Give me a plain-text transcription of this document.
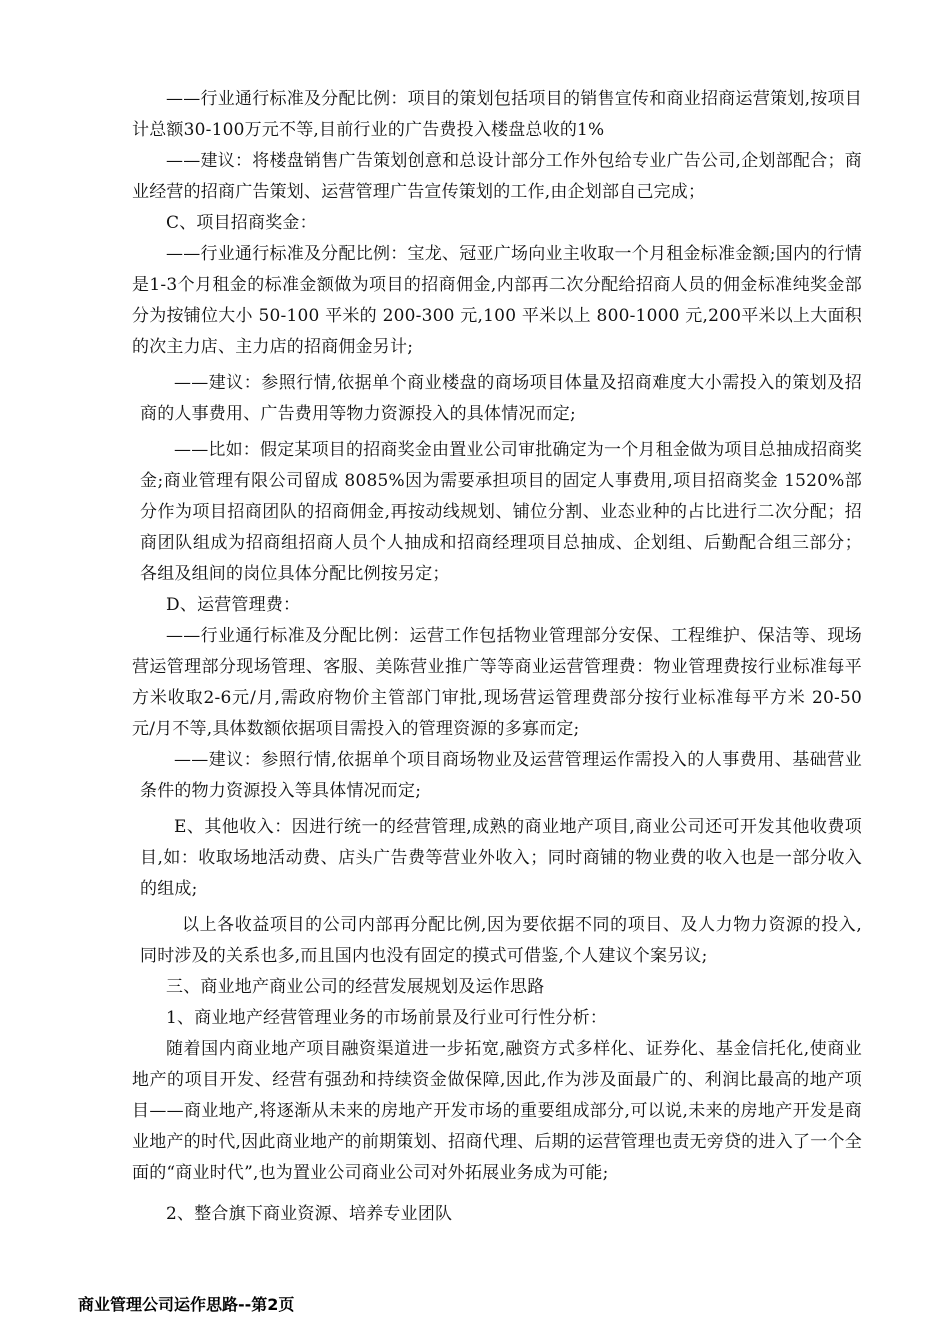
——行业通行标准及分配比例：项目的策划包括项目的销售宣传和商业招商运营策划,按项目计总额30-100万元不等,目前行业的广告费投入楼盘总收的1%

——建议：将楼盘销售广告策划创意和总设计部分工作外包给专业广告公司,企划部配合；商业经营的招商广告策划、运营管理广告宣传策划的工作,由企划部自己完成；

C、项目招商奖金：

——行业通行标准及分配比例：宝龙、冠亚广场向业主收取一个月租金标准金额;国内的行情是1-3个月租金的标准金额做为项目的招商佣金,内部再二次分配给招商人员的佣金标准纯奖金部分为按铺位大小 50-100 平米的 200-300 元,100 平米以上 800-1000 元,200平米以上大面积的次主力店、主力店的招商佣金另计;

——建议：参照行情,依据单个商业楼盘的商场项目体量及招商难度大小需投入的策划及招商的人事费用、广告费用等物力资源投入的具体情况而定;

——比如：假定某项目的招商奖金由置业公司审批确定为一个月租金做为项目总抽成招商奖金;商业管理有限公司留成 8085%因为需要承担项目的固定人事费用,项目招商奖金 1520%部分作为项目招商团队的招商佣金,再按动线规划、铺位分割、业态业种的占比进行二次分配；招商团队组成为招商组招商人员个人抽成和招商经理项目总抽成、企划组、后勤配合组三部分；各组及组间的岗位具体分配比例按另定；

D、运营管理费：

——行业通行标准及分配比例：运营工作包括物业管理部分安保、工程维护、保洁等、现场营运管理部分现场管理、客服、美陈营业推广等等商业运营管理费：物业管理费按行业标准每平方米收取2-6元/月,需政府物价主管部门审批,现场营运管理费部分按行业标准每平方米 20-50 元/月不等,具体数额依据项目需投入的管理资源的多寡而定;

——建议：参照行情,依据单个项目商场物业及运营管理运作需投入的人事费用、基础营业条件的物力资源投入等具体情况而定;

E、其他收入：因进行统一的经营管理,成熟的商业地产项目,商业公司还可开发其他收费项目,如：收取场地活动费、店头广告费等营业外收入；同时商铺的物业费的收入也是一部分收入的组成;

以上各收益项目的公司内部再分配比例,因为要依据不同的项目、及人力物力资源的投入,同时涉及的关系也多,而且国内也没有固定的摸式可借鉴,个人建议个案另议;

三、商业地产商业公司的经营发展规划及运作思路

1、商业地产经营管理业务的市场前景及行业可行性分析：

随着国内商业地产项目融资渠道进一步拓宽,融资方式多样化、证券化、基金信托化,使商业地产的项目开发、经营有强劲和持续资金做保障,因此,作为涉及面最广的、利润比最高的地产项目——商业地产,将逐渐从未来的房地产开发市场的重要组成部分,可以说,未来的房地产开发是商业地产的时代,因此商业地产的前期策划、招商代理、后期的运营管理也责无旁贷的进入了一个全面的“商业时代”,也为置业公司商业公司对外拓展业务成为可能;

2、整合旗下商业资源、培养专业团队

商业管理公司运作思路--第2页
